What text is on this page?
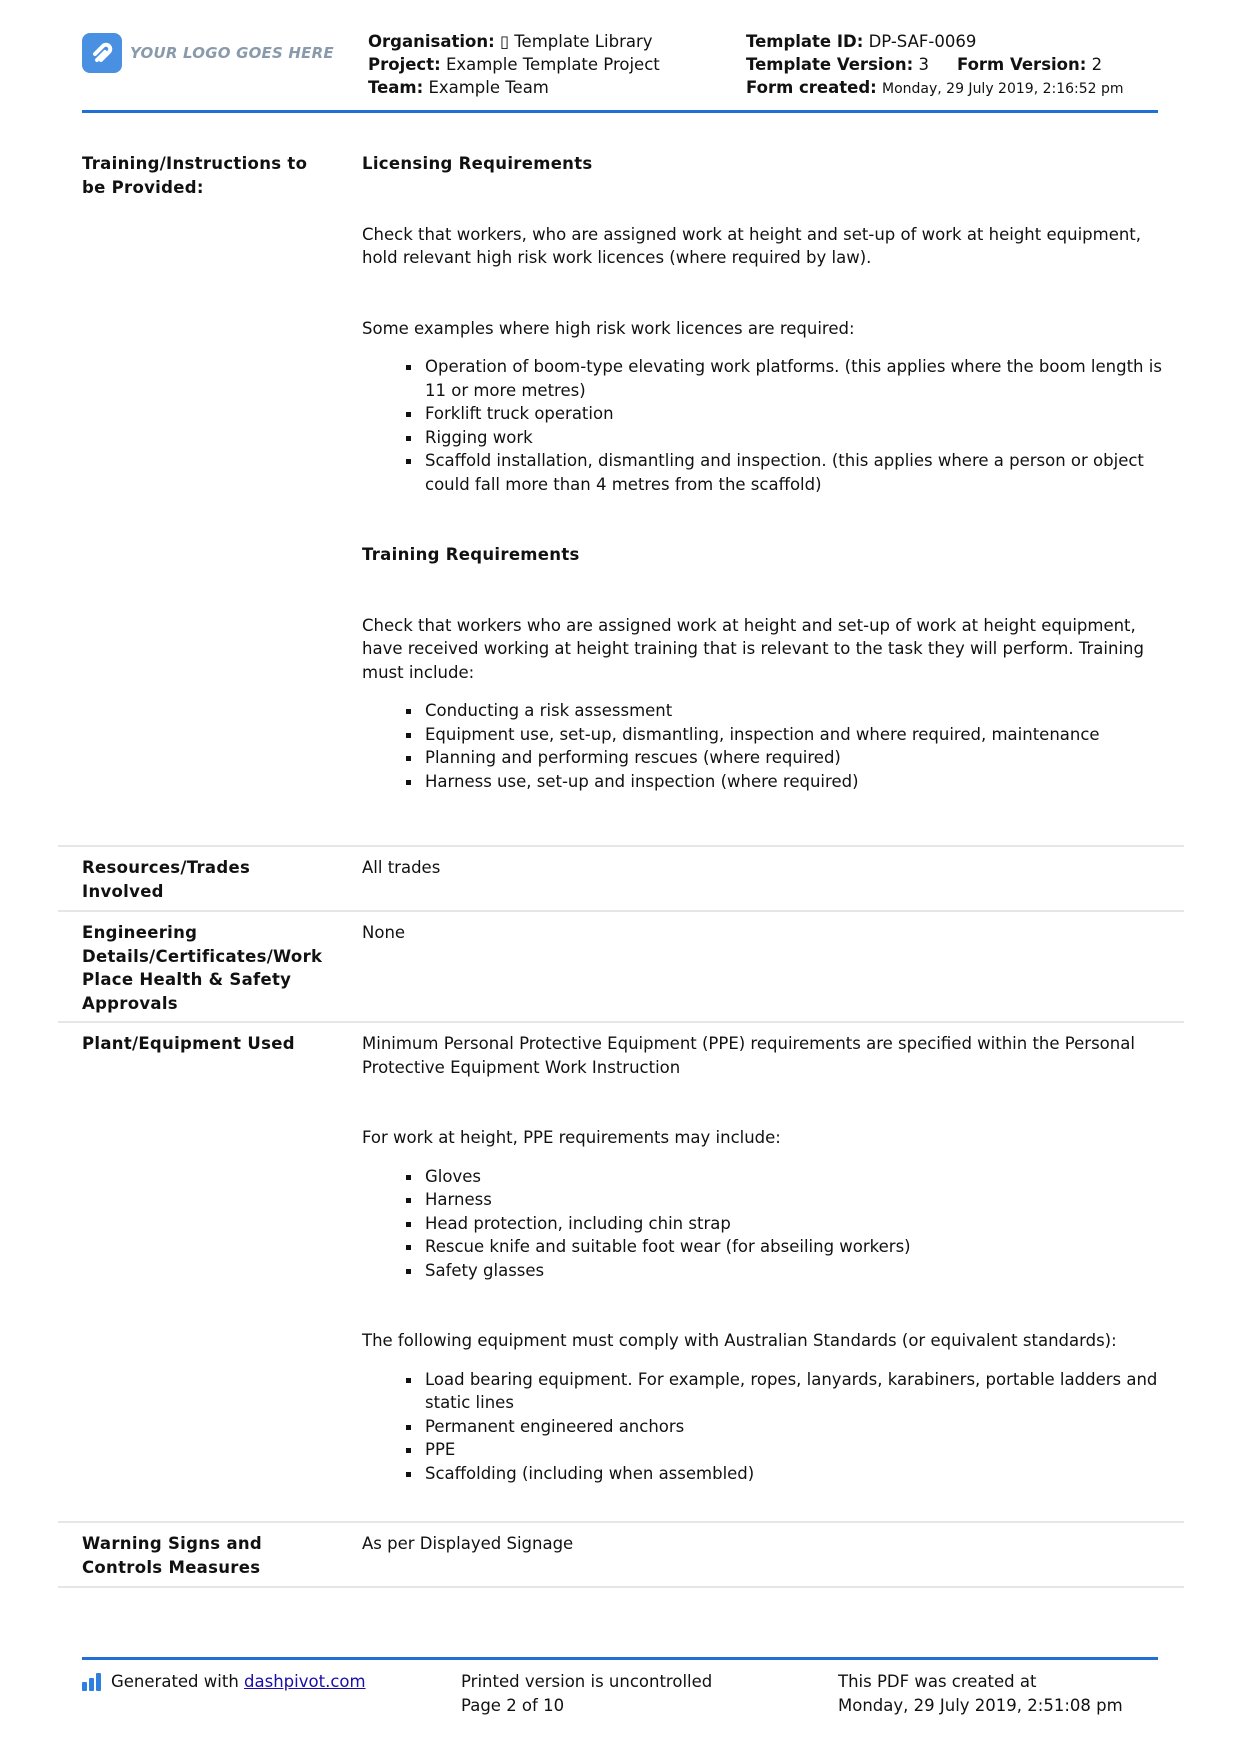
YOUR LOGO GOES HERE
Organisation: ▯ Template Library
Project: Example Template Project
Team: Example Team
Template ID: DP-SAF-0069
Template Version: 3 Form Version: 2
Form created: Monday, 29 July 2019, 2:16:52 pm
Training/Instructions to be Provided:

Licensing Requirements

Check that workers, who are assigned work at height and set-up of work at height equipment, hold relevant high risk work licences (where required by law).

Some examples where high risk work licences are required:

Operation of boom-type elevating work platforms. (this applies where the boom length is 11 or more metres)
Forklift truck operation
Rigging work
Scaffold installation, dismantling and inspection. (this applies where a person or object could fall more than 4 metres from the scaffold)

Training Requirements

Check that workers who are assigned work at height and set-up of work at height equipment, have received working at height training that is relevant to the task they will perform. Training must include:

Conducting a risk assessment
Equipment use, set-up, dismantling, inspection and where required, maintenance
Planning and performing rescues (where required)
Harness use, set-up and inspection (where required)
Resources/Trades Involved
All trades
Engineering Details/Certificates/Work Place Health & Safety Approvals
None
Plant/Equipment Used	Minimum Personal Protective Equipment (PPE) requirements are specified within the Personal Protective Equipment Work Instruction

For work at height, PPE requirements may include:

Gloves
Harness
Head protection, including chin strap
Rescue knife and suitable foot wear (for abseiling workers)
Safety glasses

The following equipment must comply with Australian Standards (or equivalent standards):

Load bearing equipment. For example, ropes, lanyards, karabiners, portable ladders and static lines
Permanent engineered anchors
PPE
Scaffolding (including when assembled)
Warning Signs and Controls Measures
As per Displayed Signage
Generated with
dashpivot.com	Printed version is uncontrolled
Page 2 of 10
This PDF was created at
Monday, 29 July 2019, 2:51:08 pm
